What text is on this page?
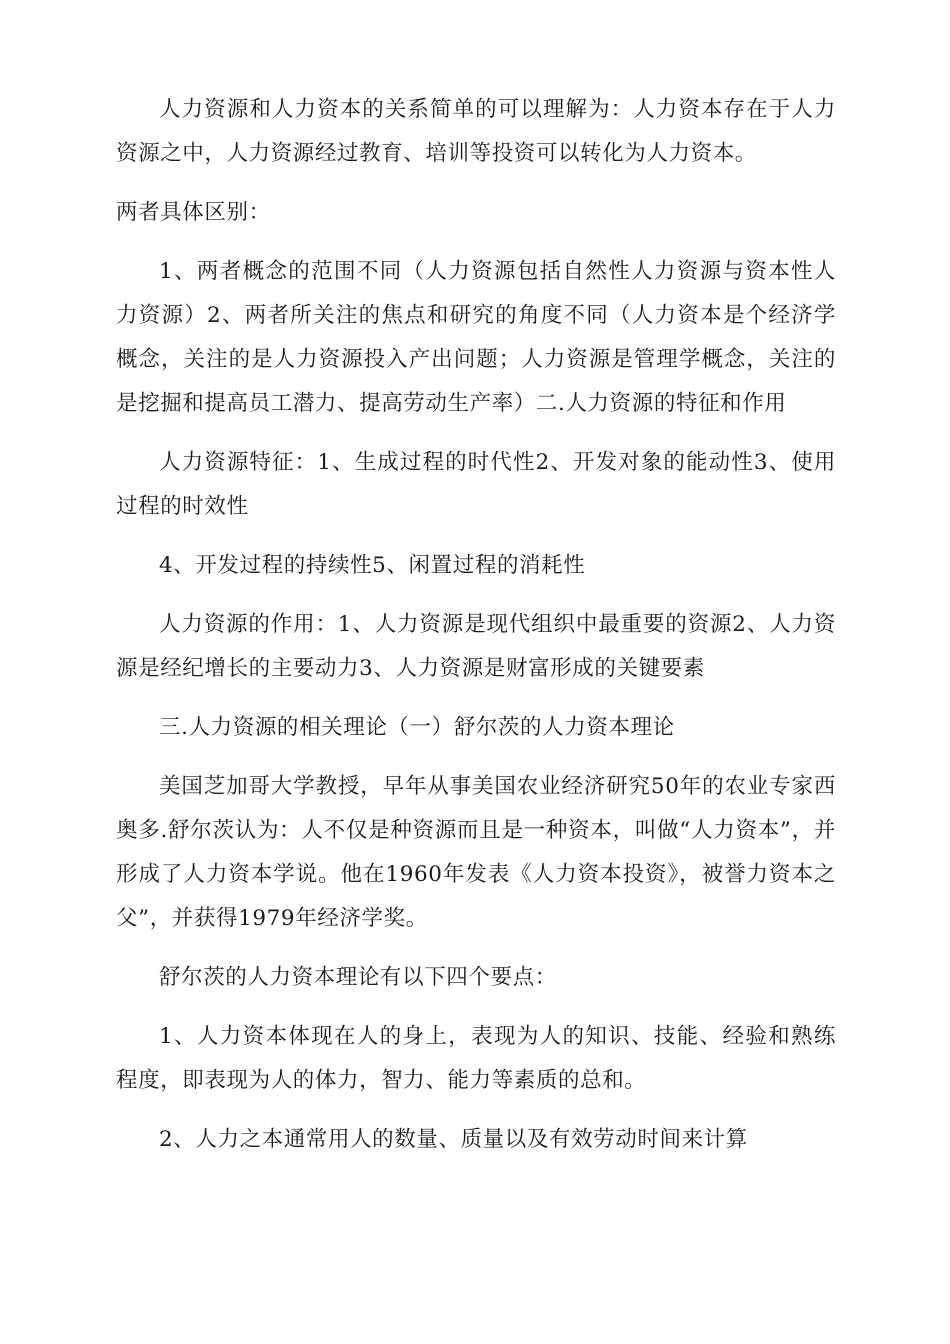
人力资源和人力资本的关系简单的可以理解为：人力资本存在于人力资源之中，人力资源经过教育、培训等投资可以转化为人力资本。

两者具体区别：

1、两者概念的范围不同（人力资源包括自然性人力资源与资本性人力资源）2、两者所关注的焦点和研究的角度不同（人力资本是个经济学概念，关注的是人力资源投入产出问题；人力资源是管理学概念，关注的是挖掘和提高员工潜力、提高劳动生产率）二.人力资源的特征和作用

人力资源特征：1、生成过程的时代性2、开发对象的能动性3、使用过程的时效性

4、开发过程的持续性5、闲置过程的消耗性

人力资源的作用：1、人力资源是现代组织中最重要的资源2、人力资源是经纪增长的主要动力3、人力资源是财富形成的关键要素

三.人力资源的相关理论（一）舒尔茨的人力资本理论

美国芝加哥大学教授，早年从事美国农业经济研究50年的农业专家西奥多.舒尔茨认为：人不仅是种资源而且是一种资本，叫做“人力资本”，并形成了人力资本学说。他在1960年发表《人力资本投资》，被誉力资本之父”，并获得1979年经济学奖。

舒尔茨的人力资本理论有以下四个要点：

1、人力资本体现在人的身上，表现为人的知识、技能、经验和熟练程度，即表现为人的体力，智力、能力等素质的总和。

2、人力之本通常用人的数量、质量以及有效劳动时间来计算
